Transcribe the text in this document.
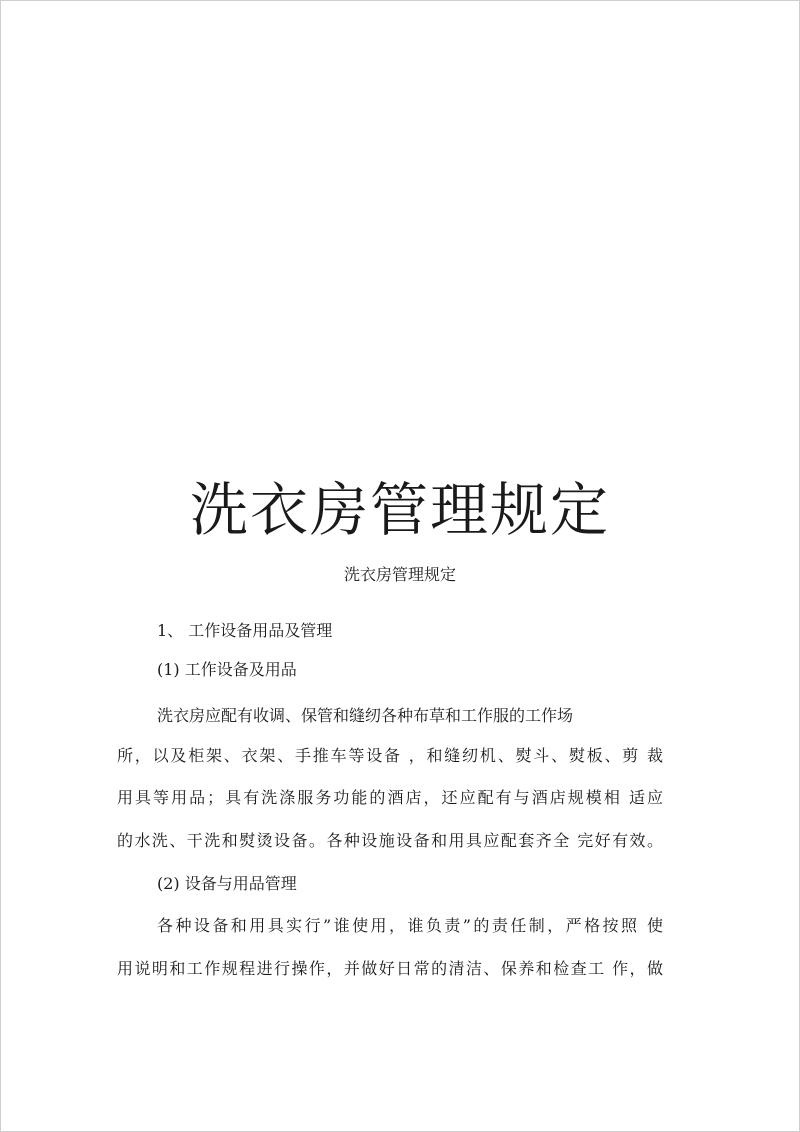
洗衣房管理规定

洗衣房管理规定

1、 工作设备用品及管理

(1) 工作设备及用品

洗衣房应配有收调、保管和缝纫各种布草和工作服的工作场

所，以及柜架、衣架、手推车等设备 ，和缝纫机、熨斗、熨板、剪 裁

用具等用品；具有洗涤服务功能的酒店，还应配有与酒店规模相 适应

的水洗、干洗和熨烫设备。各种设施设备和用具应配套齐全 完好有效。

(2) 设备与用品管理

各种设备和用具实行”谁使用，谁负责”的责任制，严格按照 使

用说明和工作规程进行操作，并做好日常的清洁、保养和检查工 作，做
